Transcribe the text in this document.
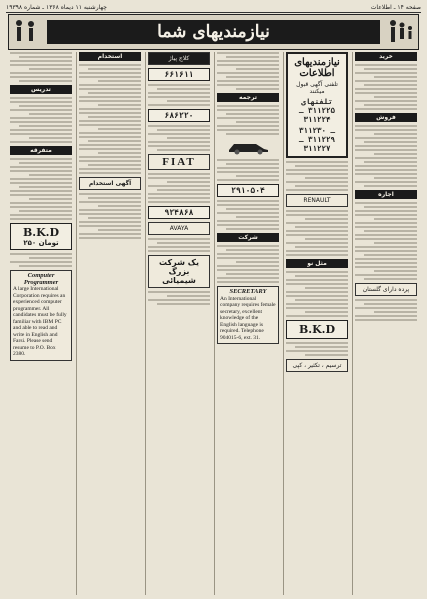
چهارشنبه ۱۱ دیماه ۱۳۶۸ ـ شماره ۱۹۳۹۸	صفحه ۱۴ ـ اطلاعات
نیازمندیهای شما
خرید
فروش
اجاره
پرده دارای گلستان
نیازمندیهای اطلاعات
تلفنی آگهی قبول میکنند
تلفنهای ۳۱۱۲۲۵ ـ ۳۱۱۲۲۴
۳۱۱۲۳۰ ـ ۳۱۱۲۲۹ ـ ۳۱۱۲۲۷
RENAULT
مثل نو
B.K.D
ترسیم ، تکثیر ، کپی
ترجمه
۲۹۱۰۵۰۴
شرکت
SECRETARY
An International company requires female secretary, excellent knowledge of the English language is required. Telephone 904015-6, ext. 31.
کلاج پیاژ
۶۶۱۶۱۱
۶۸۶۲۲۰
FIAT
۹۲۴۸۶۸
AVAYA
یک شرکت بزرگ
شیمیائی
استخدام
آگهی استخدام
تدریس
متفرقه
B.K.D
۲۵۰ تومان
Computer Programmer
A large International Corporation requires an experienced computer programmer. All candidates must be fully familiar with IBM PC and able to read and write in English and Farsi. Please send resume to P.O. Box 2380.
